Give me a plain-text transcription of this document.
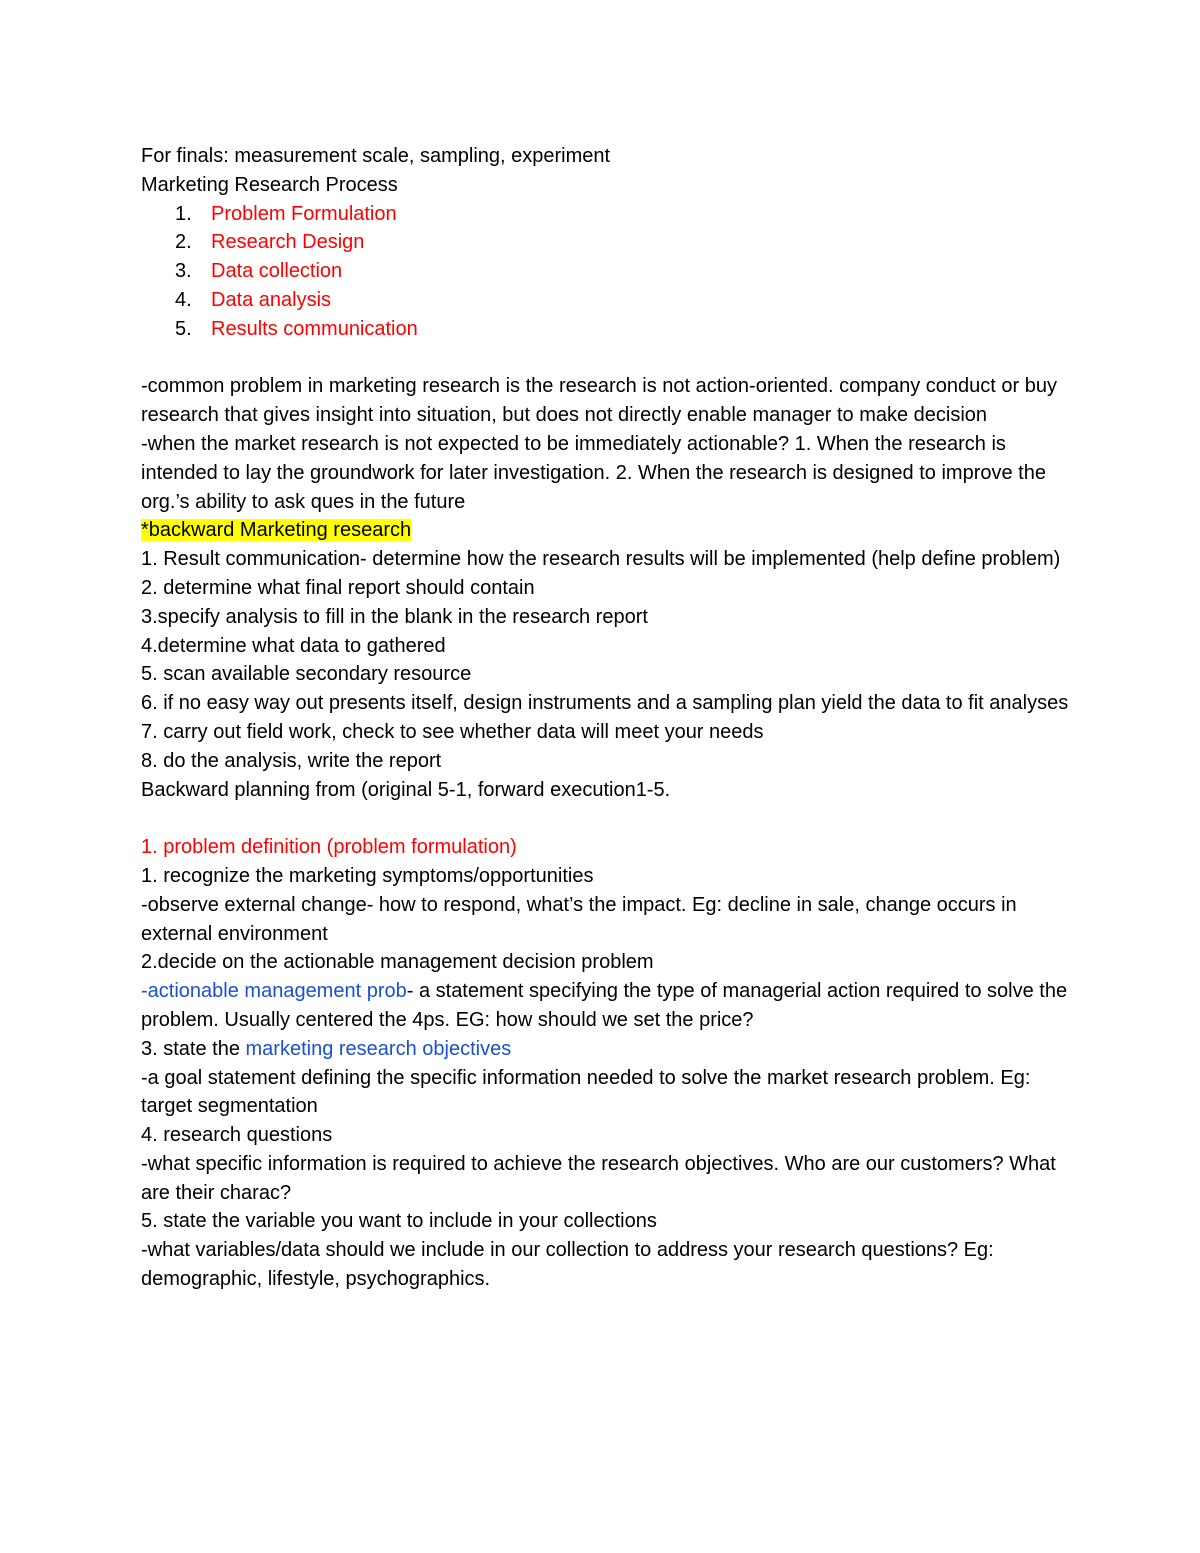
For finals: measurement scale, sampling, experiment
Marketing Research Process
1. Problem Formulation
2. Research Design
3. Data collection
4. Data analysis
5. Results communication
-common problem in marketing research is the research is not action-oriented. company conduct or buy research that gives insight into situation, but does not directly enable manager to make decision
-when the market research is not expected to be immediately actionable? 1. When the research is intended to lay the groundwork for later investigation. 2. When the research is designed to improve the org.’s ability to ask ques in the future
*backward Marketing research
1. Result communication- determine how the research results will be implemented (help define problem)
2. determine what final report should contain
3.specify analysis to fill in the blank in the research report
4.determine what data to gathered
5. scan available secondary resource
6. if no easy way out presents itself, design instruments and a sampling plan yield the data to fit analyses
7. carry out field work, check to see whether data will meet your needs
8. do the analysis, write the report
Backward planning from (original 5-1, forward execution1-5.
1. problem definition (problem formulation)
1. recognize the marketing symptoms/opportunities
-observe external change- how to respond, what’s the impact. Eg: decline in sale, change occurs in external environment
2.decide on the actionable management decision problem
-actionable management prob- a statement specifying the type of managerial action required to solve the problem. Usually centered the 4ps. EG: how should we set the price?
3. state the marketing research objectives
-a goal statement defining the specific information needed to solve the market research problem. Eg: target segmentation
4. research questions
-what specific information is required to achieve the research objectives. Who are our customers? What are their charac?
5. state the variable you want to include in your collections
-what variables/data should we include in our collection to address your research questions? Eg: demographic, lifestyle, psychographics.
